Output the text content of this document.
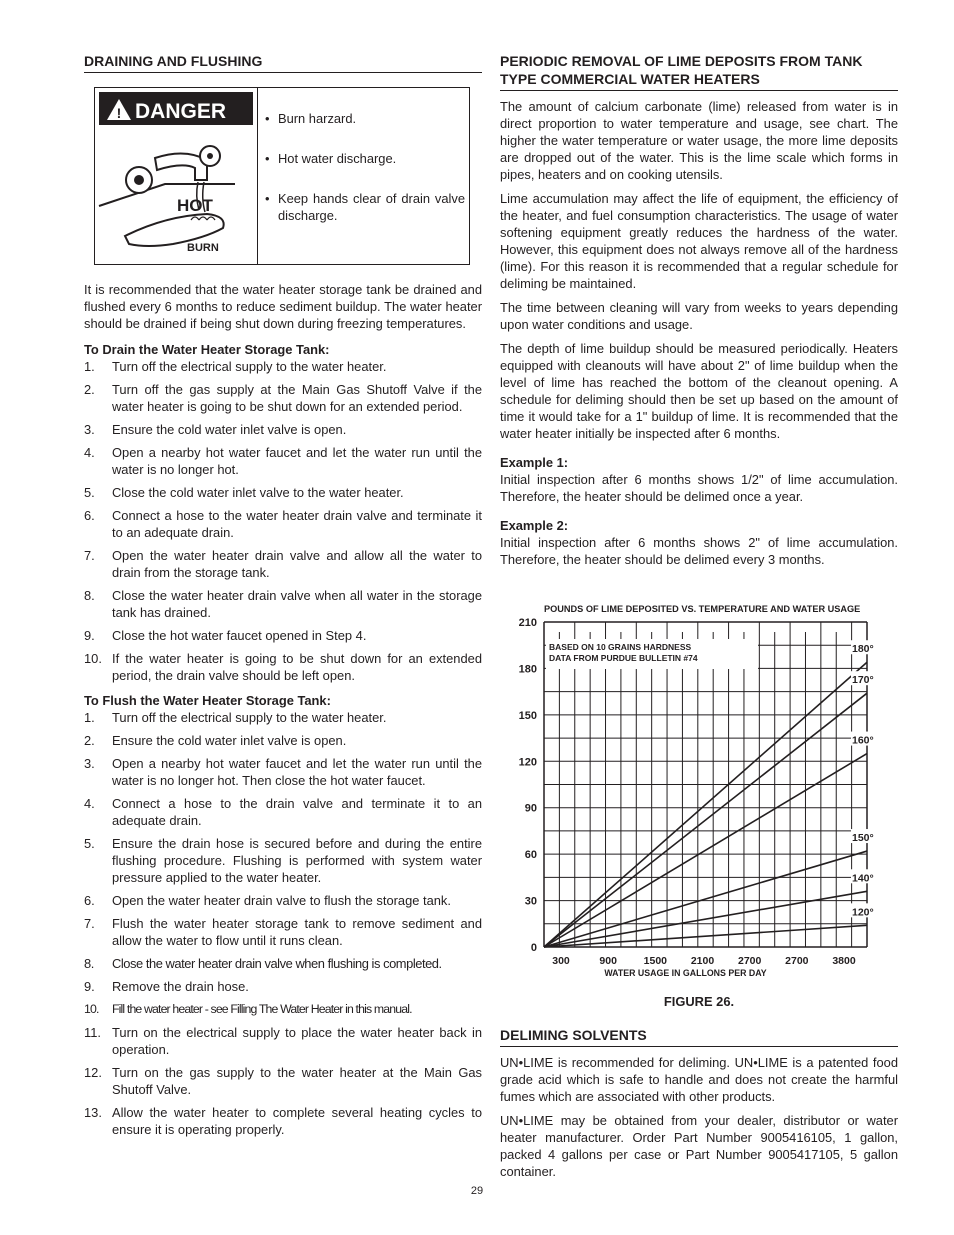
DRAINING AND FLUSHING
! DANGER
HOT
BURN
• Burn harzard.
• Hot water discharge.
• Keep hands clear of drain valve discharge.

It is recommended that the water heater storage tank be drained and flushed every 6 months to reduce sediment buildup. The water heater should be drained if being shut down during freezing temperatures.

To Drain the Water Heater Storage Tank:
1. Turn off the electrical supply to the water heater.
2. Turn off the gas supply at the Main Gas Shutoff Valve if the water heater is going to be shut down for an extended period.
3. Ensure the cold water inlet valve is open.
4. Open a nearby hot water faucet and let the water run until the water is no longer hot.
5. Close the cold water inlet valve to the water heater.
6. Connect a hose to the water heater drain valve and terminate it to an adequate drain.
7. Open the water heater drain valve and allow all the water to drain from the storage tank.
8. Close the water heater drain valve when all water in the storage tank has drained.
9. Close the hot water faucet opened in Step 4.
10. If the water heater is going to be shut down for an extended period, the drain valve should be left open.
To Flush the Water Heater Storage Tank:
1. Turn off the electrical supply to the water heater.
2. Ensure the cold water inlet valve is open.
3. Open a nearby hot water faucet and let the water run until the water is no longer hot. Then close the hot water faucet.
4. Connect a hose to the drain valve and terminate it to an adequate drain.
5. Ensure the drain hose is secured before and during the entire flushing procedure. Flushing is performed with system water pressure applied to the water heater.
6. Open the water heater drain valve to flush the storage tank.
7. Flush the water heater storage tank to remove sediment and allow the water to flow until it runs clean.
8. Close the water heater drain valve when flushing is completed.
9. Remove the drain hose.
10. Fill the water heater - see Filling The Water Heater in this manual.
11. Turn on the electrical supply to place the water heater back in operation.
12. Turn on the gas supply to the water heater at the Main Gas Shutoff Valve.
13. Allow the water heater to complete several heating cycles to ensure it is operating properly.
PERIODIC REMOVAL OF LIME DEPOSITS FROM TANK TYPE COMMERCIAL WATER HEATERS

The amount of calcium carbonate (lime) released from water is in direct proportion to water temperature and usage, see chart. The higher the water temperature or water usage, the more lime deposits are dropped out of the water. This is the lime scale which forms in pipes, heaters and on cooking utensils.

Lime accumulation may affect the life of equipment, the efficiency of the heater, and fuel consumption characteristics. The usage of water softening equipment greatly reduces the hardness of the water. However, this equipment does not always remove all of the hardness (lime). For this reason it is recommended that a regular schedule for deliming be maintained.

The time between cleaning will vary from weeks to years depending upon water conditions and usage.

The depth of lime buildup should be measured periodically. Heaters equipped with cleanouts will have about 2" of lime buildup when the level of lime has reached the bottom of the cleanout opening. A schedule for deliming should then be set up based on the amount of time it would take for a 1" buildup of lime. It is recommended that the water heater initially be inspected after 6 months.

Example 1:

Initial inspection after 6 months shows 1/2" of lime accumulation. Therefore, the heater should be delimed once a year.

Example 2:

Initial inspection after 6 months shows 2" of lime accumulation. Therefore, the heater should be delimed every 3 months.

POUNDS OF LIME DEPOSITED VS. TEMPERATURE AND WATER USAGE
BASED ON 10 GRAINS HARDNESS
DATA FROM PURDUE BULLETIN #74
0
30
60
90
120
150
180
210
300	900	1500 2100 2700 2700 3800
WATER USAGE IN GALLONS PER DAY
180°
170°
160°
150°
140°
120°
FIGURE 26.
DELIMING SOLVENTS

UN•LIME is recommended for deliming. UN•LIME is a patented food grade acid which is safe to handle and does not create the harmful fumes which are associated with other products.

UN•LIME may be obtained from your dealer, distributor or water heater manufacturer. Order Part Number 9005416105, 1 gallon, packed 4 gallons per case or Part Number 9005417105, 5 gallon container.

29
